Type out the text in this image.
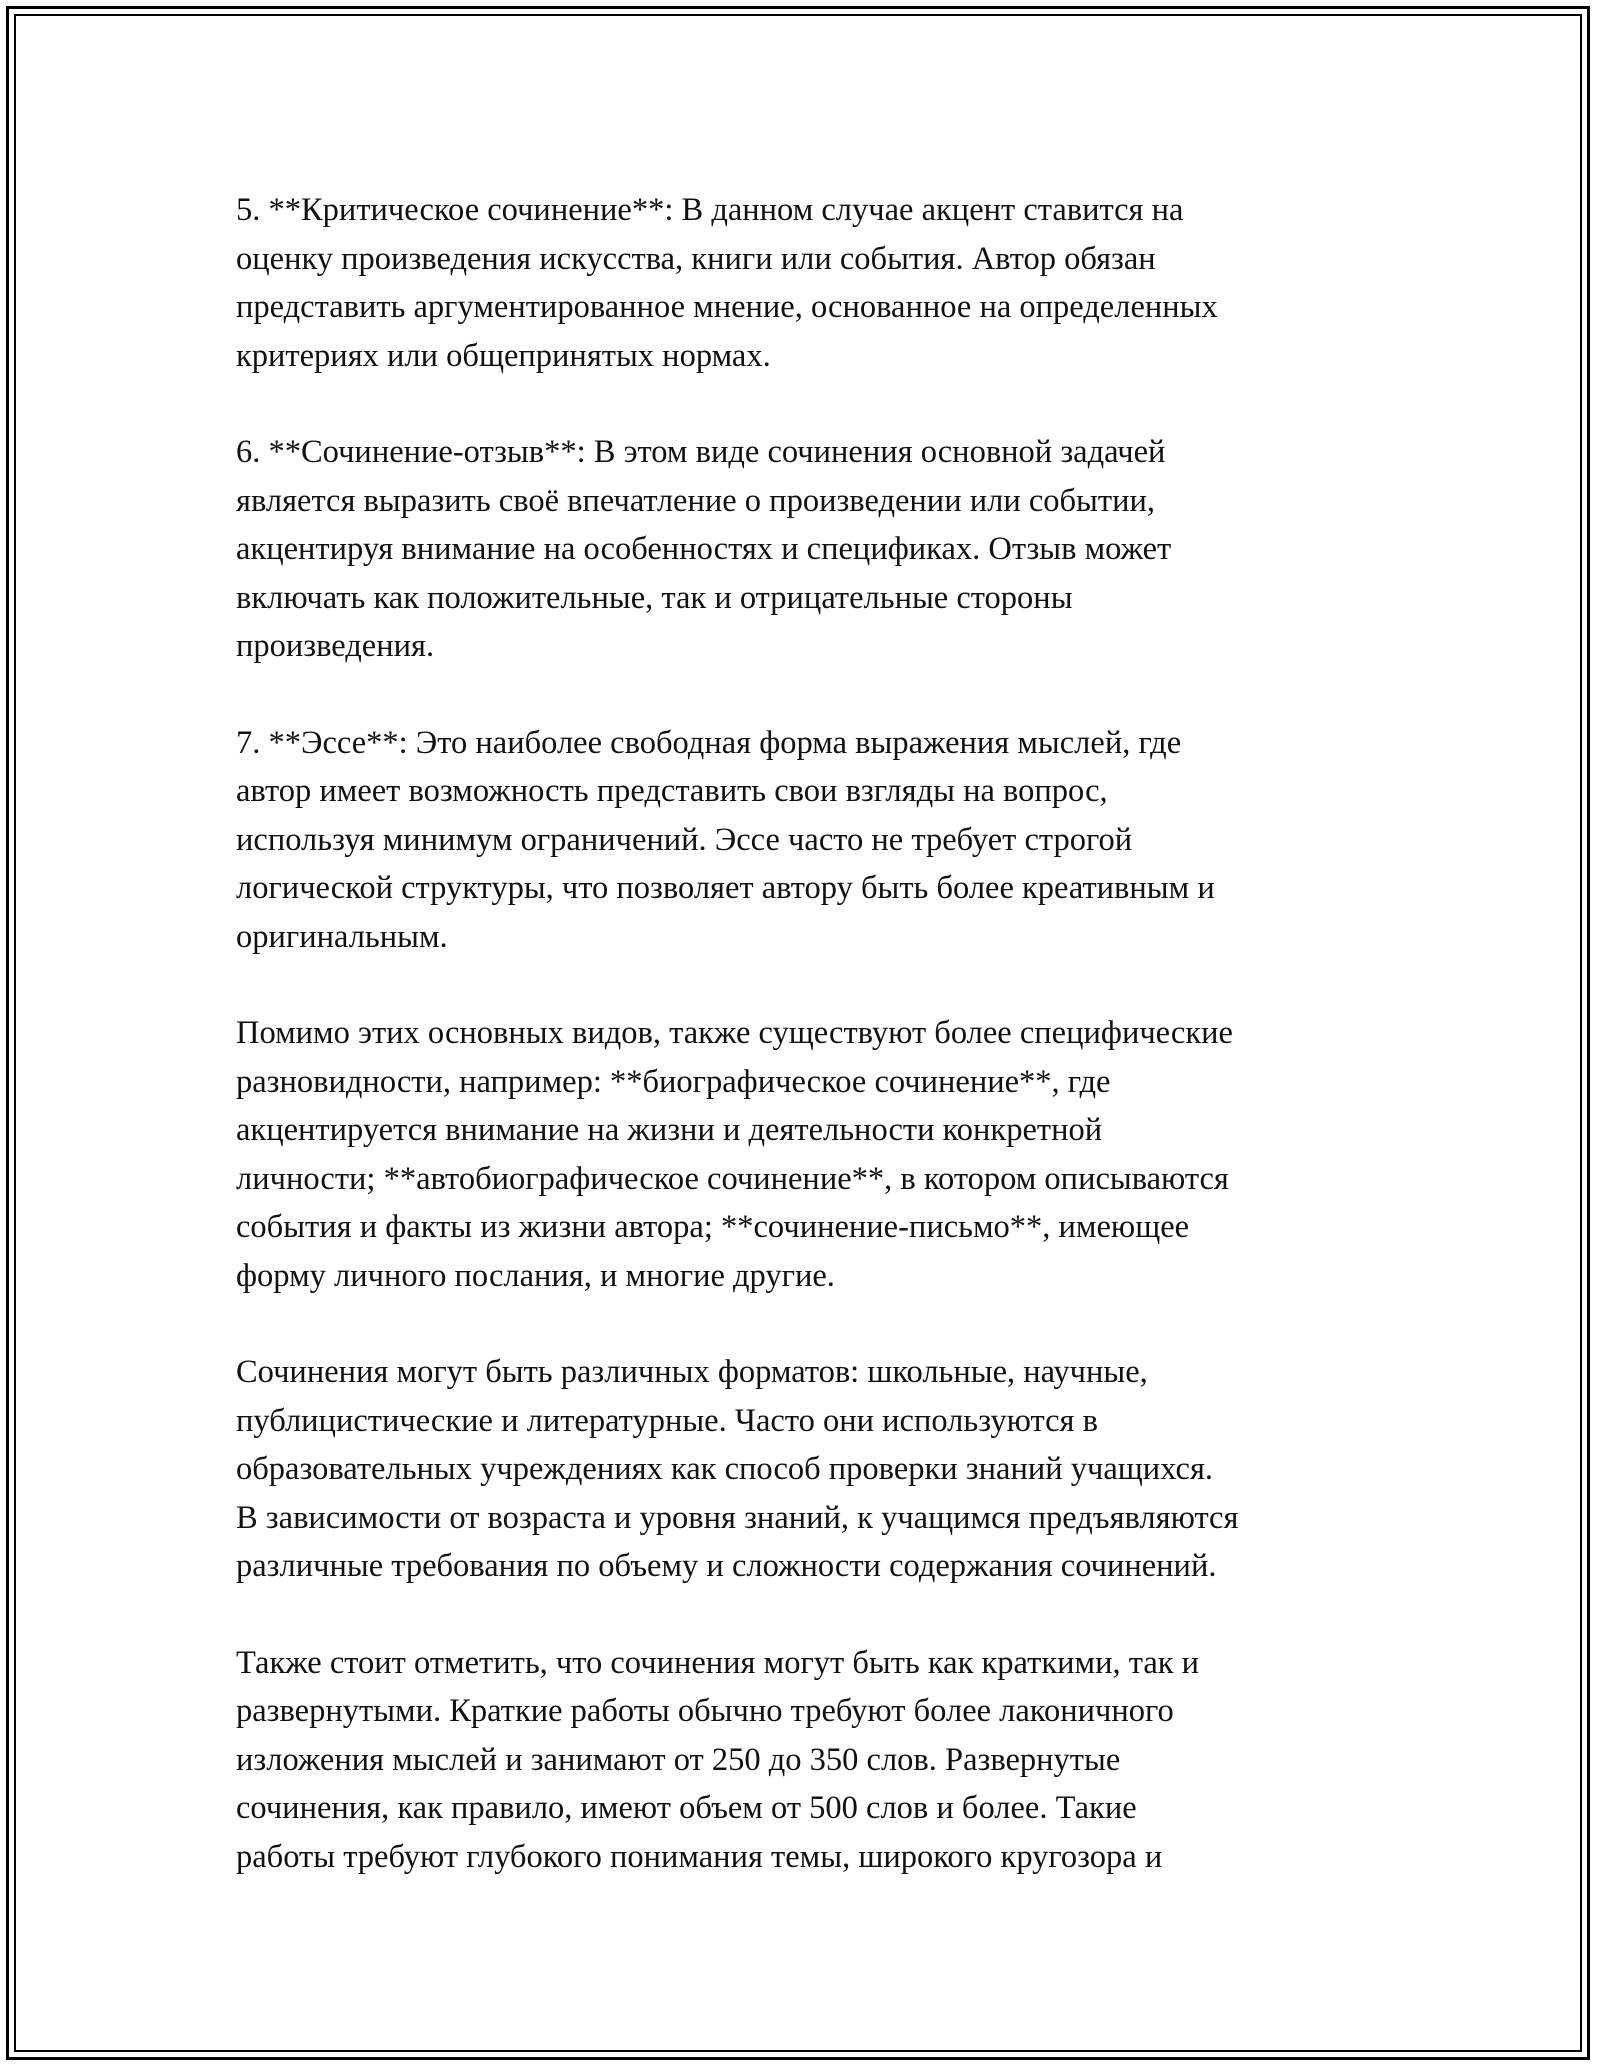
5. **Критическое сочинение**: В данном случае акцент ставится на
оценку произведения искусства, книги или события. Автор обязан
представить аргументированное мнение, основанное на определенных
критериях или общепринятых нормах.

6. **Сочинение-отзыв**: В этом виде сочинения основной задачей
является выразить своё впечатление о произведении или событии,
акцентируя внимание на особенностях и спецификах. Отзыв может
включать как положительные, так и отрицательные стороны
произведения.

7. **Эссе**: Это наиболее свободная форма выражения мыслей, где
автор имеет возможность представить свои взгляды на вопрос,
используя минимум ограничений. Эссе часто не требует строгой
логической структуры, что позволяет автору быть более креативным и
оригинальным.

Помимо этих основных видов, также существуют более специфические
разновидности, например: **биографическое сочинение**, где
акцентируется внимание на жизни и деятельности конкретной
личности; **автобиографическое сочинение**, в котором описываются
события и факты из жизни автора; **сочинение-письмо**, имеющее
форму личного послания, и многие другие.

Сочинения могут быть различных форматов: школьные, научные,
публицистические и литературные. Часто они используются в
образовательных учреждениях как способ проверки знаний учащихся.
В зависимости от возраста и уровня знаний, к учащимся предъявляются
различные требования по объему и сложности содержания сочинений.

Также стоит отметить, что сочинения могут быть как краткими, так и
развернутыми. Краткие работы обычно требуют более лаконичного
изложения мыслей и занимают от 250 до 350 слов. Развернутые
сочинения, как правило, имеют объем от 500 слов и более. Такие
работы требуют глубокого понимания темы, широкого кругозора и
